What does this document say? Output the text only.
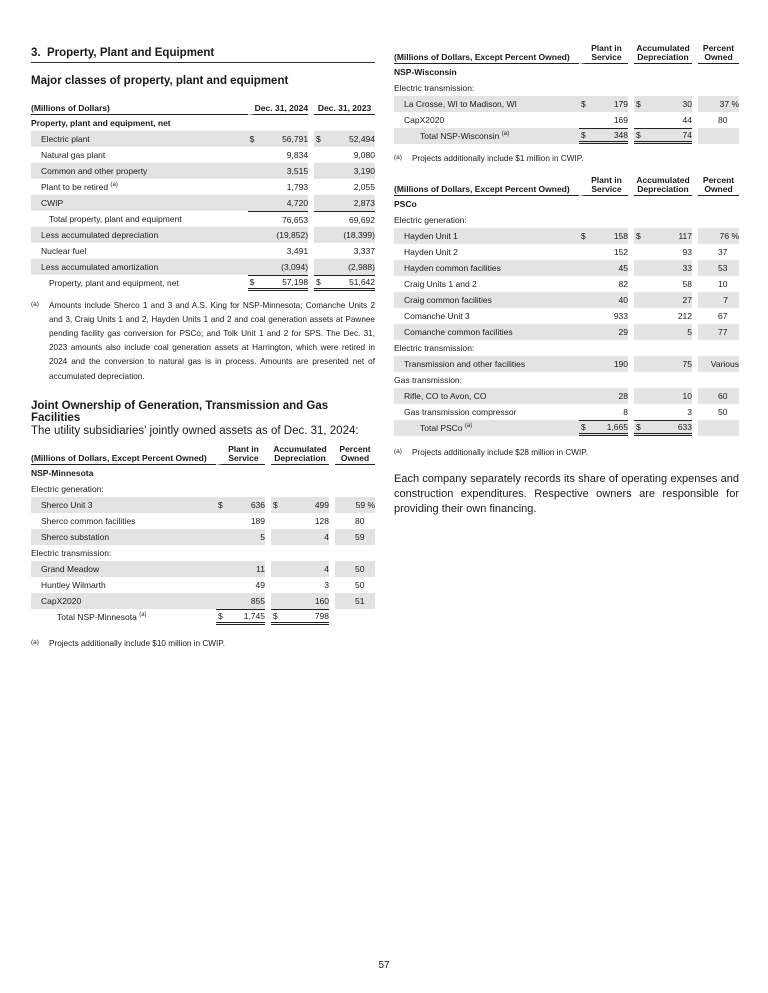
3. Property, Plant and Equipment
Major classes of property, plant and equipment
(Millions of Dollars)	Dec. 31, 2024			Dec. 31, 2023	
Property, plant and equipment, net					
Electric plant	$	56,791		$	52,494
Natural gas plant		9,834			9,080
Common and other property		3,515			3,190
Plant to be retired $^{(a)}$		1,793			2,055
CWIP		4,720			2,873
Total property, plant and equipment		76,653			69,692
Less accumulated depreciation		(19,852)			(18,399)
Nuclear fuel		3,491			3,337
Less accumulated amortization		(3,094)			(2,988)
Property, plant and equipment, net	$	57,198		$	51,642
(a)	Amounts include Sherco 1 and 3 and A.S. King for NSP-Minnesota; Comanche Units 2 and 3, Craig Units 1 and 2, Hayden Units 1 and 2 and coal generation assets at Pawnee pending facility gas conversion for PSCo; and Tolk Unit 1 and 2 for SPS. The Dec. 31, 2023 amounts also include coal generation assets at Harrington, which were retired in 2024 and the conversion to natural gas is in process. Amounts are presented net of accumulated depreciation.
Joint Ownership of Generation, Transmission and Gas Facilities
The utility subsidiaries' jointly owned assets as of Dec. 31, 2024:
(Millions of Dollars, Except Percent Owned)	Plant in
Service			Accumulated
Depreciation			Percent
Owned
NSP-Minnesota							
Electric generation:							
Sherco Unit 3	$	636		$	499		59 %
Sherco common facilities		189			128		80
Sherco substation		5			4		59
Electric transmission:							
Grand Meadow		11			4		50
Huntley Wilmarth		49			3		50
CapX2020		855			160		51
Total NSP-Minnesota $^{(a)}$	$	1,745		$	798		
(a)	Projects additionally include $10 million in CWIP.
(Millions of Dollars, Except Percent Owned)	Plant in
Service			Accumulated
Depreciation			Percent
Owned
NSP-Wisconsin							
Electric transmission:							
La Crosse, WI to Madison, WI	$	179		$	30		37 %
CapX2020		169			44		80
Total NSP-Wisconsin $^{(a)}$	$	348		$	74		
(a)	Projects additionally include $1 million in CWIP.
(Millions of Dollars, Except Percent Owned)	Plant in
Service			Accumulated
Depreciation			Percent
Owned
PSCo							
Electric generation:							
Hayden Unit 1	$	158		$	117		76 %
Hayden Unit 2		152			93		37
Hayden common facilities		45			33		53
Craig Units 1 and 2		82			58		10
Craig common facilities		40			27		7
Comanche Unit 3		933			212		67
Comanche common facilities		29			5		77
Electric transmission:							
Transmission and other facilities		190			75		Various
Gas transmission:							
Rifle, CO to Avon, CO		28			10		60
Gas transmission compressor		8			3		50
Total PSCo $^{(a)}$	$	1,665		$	633		
(a)	Projects additionally include $28 million in CWIP.
Each company separately records its share of operating expenses and construction expenditures. Respective owners are responsible for providing their own financing.
57
